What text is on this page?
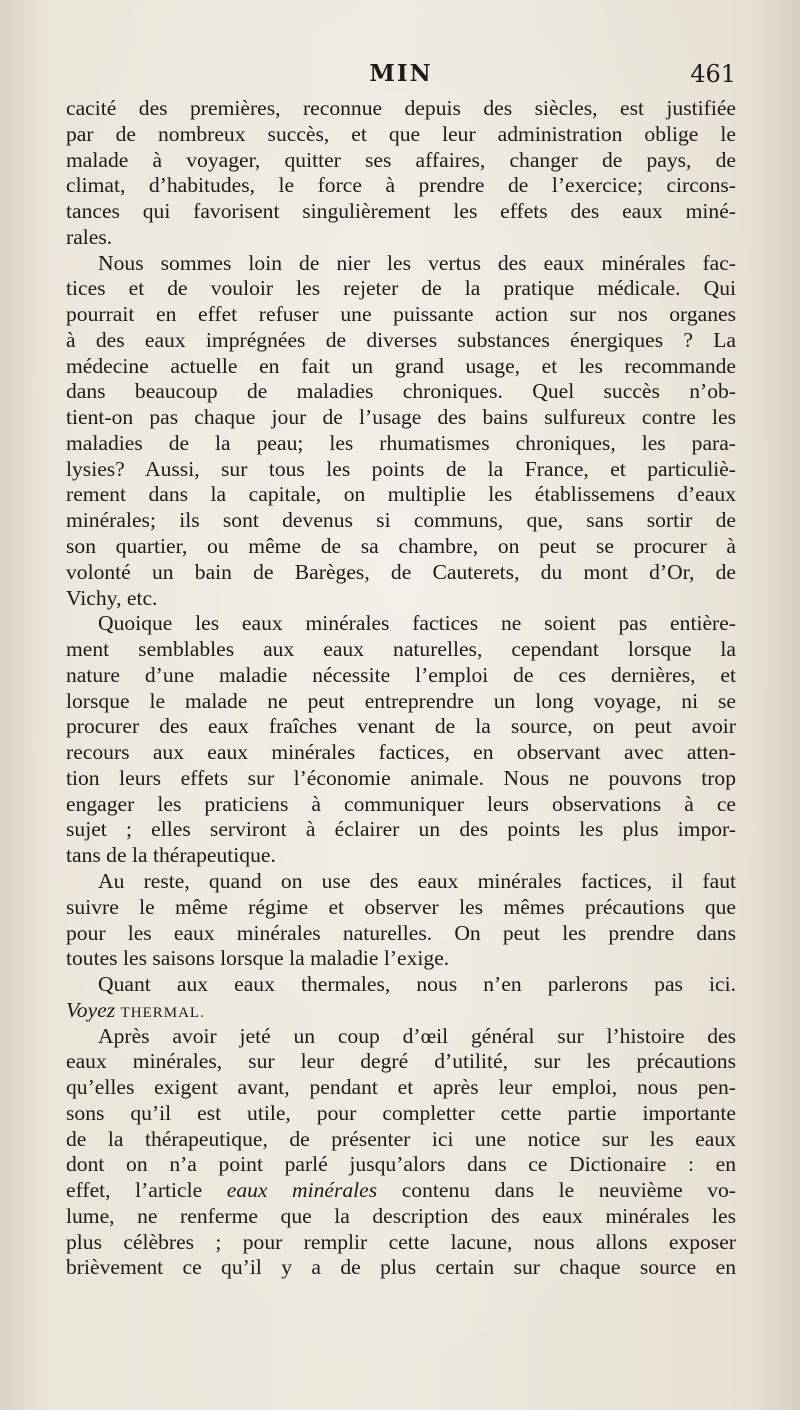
MIN	461
cacité des premières, reconnue depuis des siècles, est justifiée
par de nombreux succès, et que leur administration oblige le
malade à voyager, quitter ses affaires, changer de pays, de
climat, d’habitudes, le force à prendre de l’exercice; circons-
tances qui favorisent singulièrement les effets des eaux miné-
rales.
Nous sommes loin de nier les vertus des eaux minérales fac-
tices et de vouloir les rejeter de la pratique médicale. Qui
pourrait en effet refuser une puissante action sur nos organes
à des eaux imprégnées de diverses substances énergiques ? La
médecine actuelle en fait un grand usage, et les recommande
dans beaucoup de maladies chroniques. Quel succès n’ob-
tient-on pas chaque jour de l’usage des bains sulfureux contre les
maladies de la peau; les rhumatismes chroniques, les para-
lysies? Aussi, sur tous les points de la France, et particuliè-
rement dans la capitale, on multiplie les établissemens d’eaux
minérales; ils sont devenus si communs, que, sans sortir de
son quartier, ou même de sa chambre, on peut se procurer à
volonté un bain de Barèges, de Cauterets, du mont d’Or, de
Vichy, etc.
Quoique les eaux minérales factices ne soient pas entière-
ment semblables aux eaux naturelles, cependant lorsque la
nature d’une maladie nécessite l’emploi de ces dernières, et
lorsque le malade ne peut entreprendre un long voyage, ni se
procurer des eaux fraîches venant de la source, on peut avoir
recours aux eaux minérales factices, en observant avec atten-
tion leurs effets sur l’économie animale. Nous ne pouvons trop
engager les praticiens à communiquer leurs observations à ce
sujet ; elles serviront à éclairer un des points les plus impor-
tans de la thérapeutique.
Au reste, quand on use des eaux minérales factices, il faut
suivre le même régime et observer les mêmes précautions que
pour les eaux minérales naturelles. On peut les prendre dans
toutes les saisons lorsque la maladie l’exige.
Quant aux eaux thermales, nous n’en parlerons pas ici.
Voyez THERMAL.
Après avoir jeté un coup d’œil général sur l’histoire des
eaux minérales, sur leur degré d’utilité, sur les précautions
qu’elles exigent avant, pendant et après leur emploi, nous pen-
sons qu’il est utile, pour completter cette partie importante
de la thérapeutique, de présenter ici une notice sur les eaux
dont on n’a point parlé jusqu’alors dans ce Dictionaire : en
effet, l’article eaux minérales contenu dans le neuvième vo-
lume, ne renferme que la description des eaux minérales les
plus célèbres ; pour remplir cette lacune, nous allons exposer
brièvement ce qu’il y a de plus certain sur chaque source en
